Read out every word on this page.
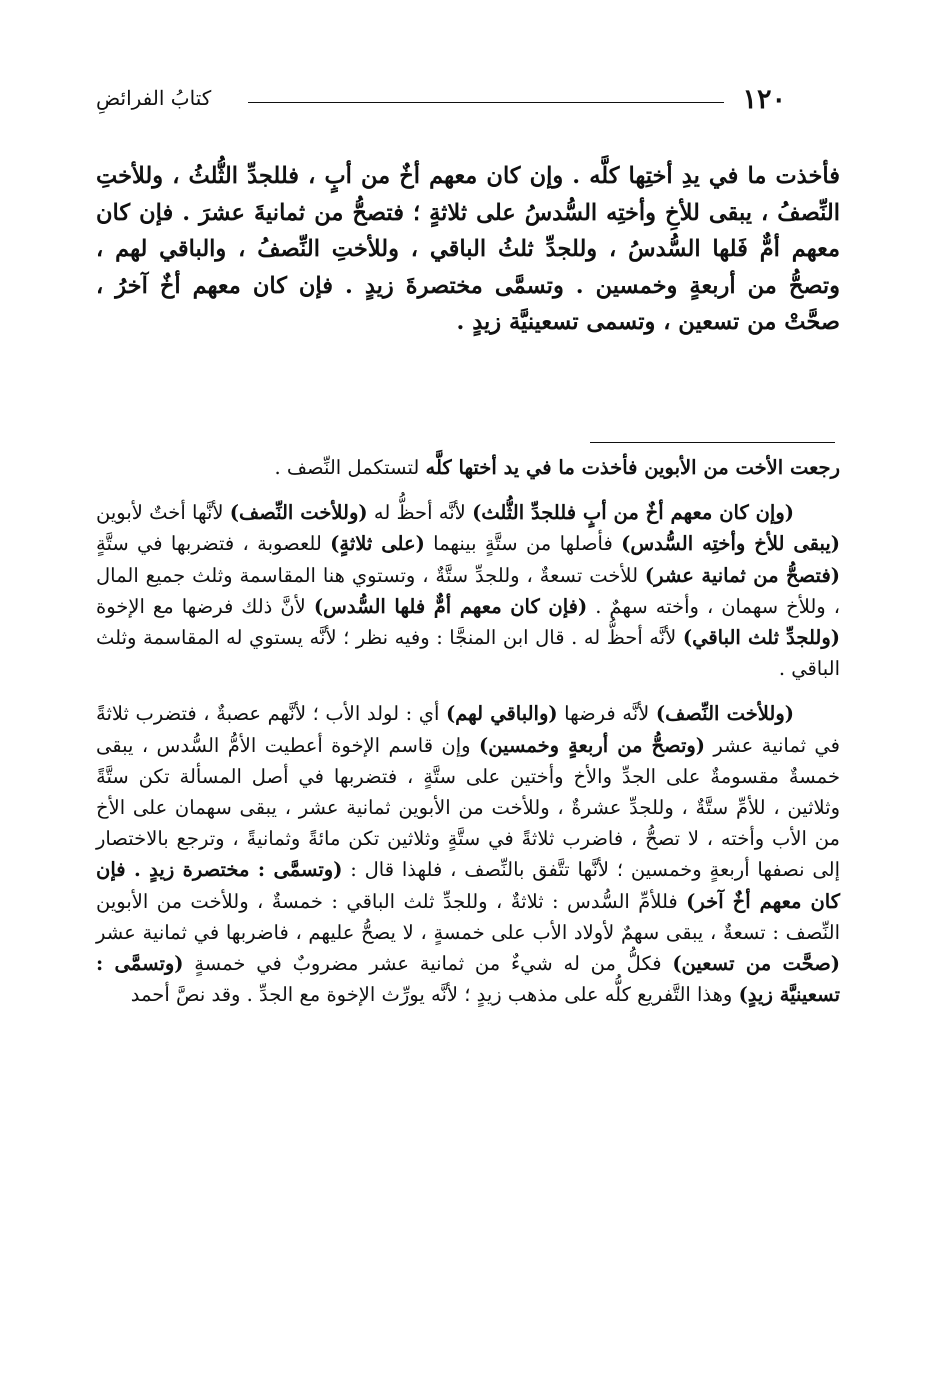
١٢٠
كتابُ الفرائضِ

فأخذت ما في يدِ أختِها كلَّه . وإن كان معهم أخٌ من أبٍ ، فللجدِّ الثُّلثُ ، وللأختِ النِّصفُ ، يبقى للأخِ وأختِه السُّدسُ على ثلاثةٍ ؛ فتصحُّ من ثمانيةَ عشرَ . فإن كان معهم أمٌّ فَلها السُّدسُ ، وللجدِّ ثلثُ الباقي ، وللأختِ النِّصفُ ، والباقي لهم ، وتصحُّ من أربعةٍ وخمسين . وتسمَّى مختصرةَ زيدٍ . فإن كان معهم أخٌ آخرُ ، صحَّتْ من تسعين ، وتسمى تسعينيَّة زيدٍ .

رجعت الأخت من الأبوين فأخذت ما في يد أختها كلَّه لتستكمل النِّصف .

(وإن كان معهم أخٌ من أبٍ فللجدِّ الثُّلث) لأنَّه أحظُّ له (وللأخت النِّصف) لأنَّها أختٌ لأبوين (يبقى للأخ وأختِه السُّدس) فأصلها من ستَّةٍ بينهما (على ثلاثةٍ) للعصوبة ، فتضربها في ستَّةٍ (فتصحُّ من ثمانية عشر) للأخت تسعةٌ ، وللجدِّ ستَّةٌ ، وتستوي هنا المقاسمة وثلث جميع المال ، وللأخ سهمان ، وأخته سهمٌ . (فإن كان معهم أمٌّ فلها السُّدس) لأنَّ ذلك فرضها مع الإخوة (وللجدِّ ثلث الباقي) لأنَّه أحظُّ له . قال ابن المنجَّا : وفيه نظر ؛ لأنَّه يستوي له المقاسمة وثلث الباقي .

(وللأخت النِّصف) لأنَّه فرضها (والباقي لهم) أي : لولد الأب ؛ لأنَّهم عصبةٌ ، فتضرب ثلاثةً في ثمانية عشر (وتصحُّ من أربعةٍ وخمسين) وإن قاسم الإخوة أعطيت الأمُّ السُّدس ، يبقى خمسةٌ مقسومةٌ على الجدِّ والأخ وأختين على ستَّةٍ ، فتضربها في أصل المسألة تكن ستَّةً وثلاثين ، للأمِّ ستَّةٌ ، وللجدِّ عشرةٌ ، وللأخت من الأبوين ثمانية عشر ، يبقى سهمان على الأخ من الأب وأخته ، لا تصحُّ ، فاضرب ثلاثةً في ستَّةٍ وثلاثين تكن مائةً وثمانيةً ، وترجع بالاختصار إلى نصفها أربعةٍ وخمسين ؛ لأنَّها تتَّفق بالنِّصف ، فلهذا قال : (وتسمَّى : مختصرة زيدٍ . فإن كان معهم أخٌ آخر) فللأمِّ السُّدس : ثلاثةٌ ، وللجدِّ ثلث الباقي : خمسةٌ ، وللأخت من الأبوين النِّصف : تسعةٌ ، يبقى سهمٌ لأولاد الأب على خمسةٍ ، لا يصحُّ عليهم ، فاضربها في ثمانية عشر (صحَّت من تسعين) فكلُّ من له شيءٌ من ثمانية عشر مضروبٌ في خمسةٍ (وتسمَّى : تسعينيَّة زيدٍ) وهذا التَّفريع كلُّه على مذهب زيدٍ ؛ لأنَّه يورِّث الإخوة مع الجدِّ . وقد نصَّ أحمد
